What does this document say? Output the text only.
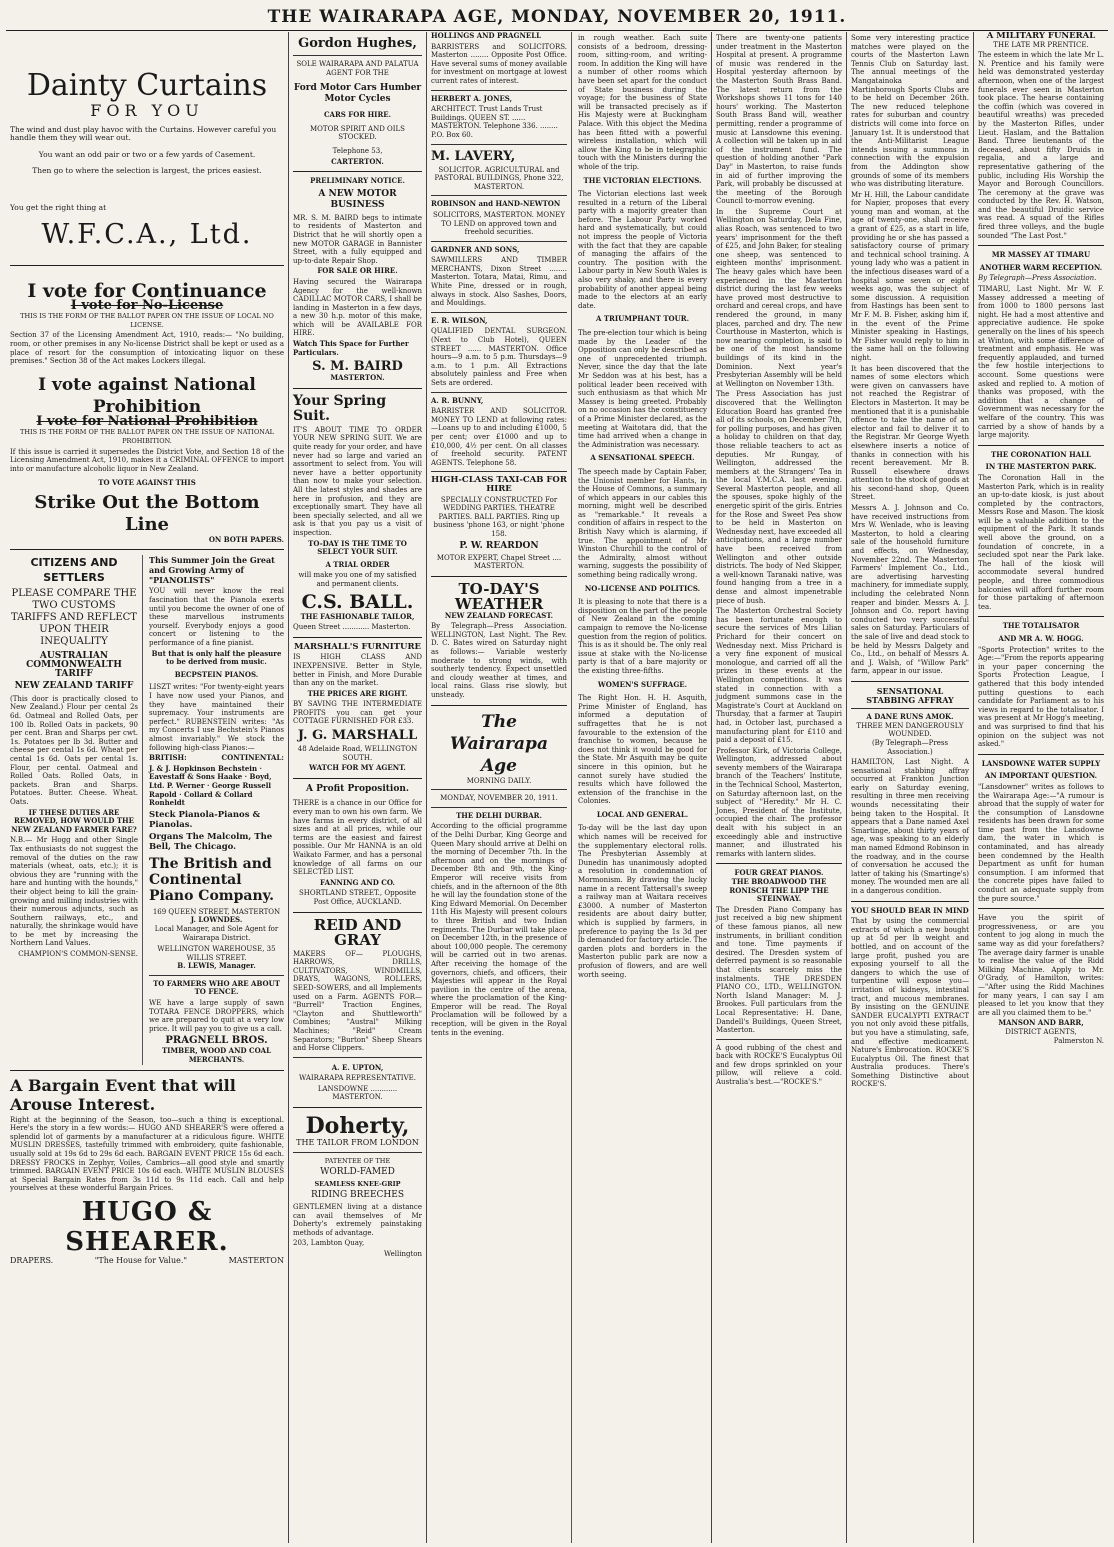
THE WAIRARAPA AGE, MONDAY, NOVEMBER 20, 1911.
Dainty Curtains
FOR YOU
The wind and dust play havoc with the Curtains. However careful you handle them they will wear out.
You want an odd pair or two or a few yards of Casement.
Then go to where the selection is largest, the prices easiest.
You get the right thing at
W.F.C.A., Ltd.
I vote for Continuance
I vote for No-License
THIS IS THE FORM OF THE BALLOT PAPER ON THE ISSUE OF LOCAL NO LICENSE.
Section 37 of the Licensing Amendment Act, 1910, reads:— "No building, room, or other premises in any No-license District shall be kept or used as a place of resort for the consumption of intoxicating liquor on these premises." Section 38 of the Act makes Lockers illegal.
I vote against National Prohibition
I vote for National Prohibition
THIS IS THE FORM OF THE BALLOT PAPER ON THE ISSUE OF NATIONAL PROHIBITION.
If this issue is carried it supersedes the District Vote, and Section 18 of the Licensing Amendment Act, 1910, makes it a CRIMINAL OFFENCE to import into or manufacture alcoholic liquor in New Zealand.
TO VOTE AGAINST THIS
Strike Out the Bottom Line
ON BOTH PAPERS.
CITIZENS AND SETTLERS
PLEASE COMPARE THE TWO CUSTOMS TARIFFS AND REFLECT UPON THEIR INEQUALITY
AUSTRALIAN COMMONWEALTH TARIFF
NEW ZEALAND TARIFF
(This door is practically closed to New Zealand.) Flour per cental 2s 6d. Oatmeal and Rolled Oats, per 100 lb. Rolled Oats in packets, 90 per cent. Bran and Sharps per cwt. 1s. Potatoes per lb 3d. Butter and cheese per cental 1s 6d. Wheat per cental 1s 6d. Oats per cental 1s. Flour, per cental. Oatmeal and Rolled Oats. Rolled Oats, in packets. Bran and Sharps. Potatoes. Butter. Cheese. Wheat. Oats.
IF THESE DUTIES ARE REMOVED, HOW WOULD THE NEW ZEALAND FARMER FARE?
N.B.— Mr Hogg and other Single Tax enthusiasts do not suggest the removal of the duties on the raw materials (wheat, oats, etc.); it is obvious they are "running with the hare and hunting with the hounds," their object being to kill the grain-growing and milling industries with their numerous adjuncts, such as Southern railways, etc., and naturally, the shrinkage would have to be met by increasing the Northern Land Values.
CHAMPION'S COMMON-SENSE.
This Summer Join the Great and Growing Army of "PIANOLISTS"
YOU will never know the real fascination that the Pianola exerts until you become the owner of one of these marvellous instruments yourself. Everybody enjoys a good concert or listening to the performance of a fine pianist.
But that is only half the pleasure to be derived from music.
BECPSTEIN PIANOS.
LISZT writes: "For twenty-eight years I have now used your Pianos, and they have maintained their supremacy. Your instruments are perfect." RUBENSTEIN writes: "As my Concerts I use Bechstein's Pianos almost invariably." We stock the following high-class Pianos:—
BRITISH:	CONTINENTAL:
J. & J. Hopkinson Bechstein · Eavestaff & Sons Haake · Boyd, Ltd. P. Werner · George Russell Rapold · Collard & Collard Ronheldt
Steck Pianola-Pianos & Pianolas.
Organs The Malcolm, The Bell, The Chicago.
The British and Continental Piano Company.
169 QUEEN STREET, MASTERTON
J. LOWNDES.
Local Manager, and Sole Agent for Wairarapa District.
WELLINGTON WAREHOUSE, 35 WILLIS STREET.
B. LEWIS, Manager.
TO FARMERS WHO ARE ABOUT TO FENCE.
WE have a large supply of sawn TOTARA FENCE DROPPERS, which we are prepared to quit at a very low price. It will pay you to give us a call.
PRAGNELL BROS.
TIMBER, WOOD AND COAL MERCHANTS.
A Bargain Event that will Arouse Interest.
Right at the beginning of the Season, too—such a thing is exceptional. Here's the story in a few words:— HUGO AND SHEARER'S were offered a splendid lot of garments by a manufacturer at a ridiculous figure. WHITE MUSLIN DRESSES, tastefully trimmed with embroidery, quite fashionable, usually sold at 19s 6d to 29s 6d each. BARGAIN EVENT PRICE 15s 6d each. DRESSY FROCKS in Zephyr, Voiles, Cambrics—all good style and smartly trimmed. BARGAIN EVENT PRICE 10s 6d each. WHITE MUSLIN BLOUSES at Special Bargain Rates from 3s 11d to 9s 11d each. Call and help yourselves at these wonderful Bargain Prices.
HUGO & SHEARER.
DRAPERS.	"The House for Value."	MASTERTON
Gordon Hughes,
SOLE WAIRARAPA AND PALATUA AGENT FOR THE
Ford Motor Cars Humber Motor Cycles
CARS FOR HIRE.
MOTOR SPIRIT AND OILS STOCKED.
Telephone 53,
CARTERTON.
PRELIMINARY NOTICE.
A NEW MOTOR BUSINESS
MR. S. M. BAIRD begs to intimate to residents of Masterton and District that he will shortly open a new MOTOR GARAGE in Bannister Street, with a fully equipped and up-to-date Repair Shop.
FOR SALE OR HIRE.
Having secured the Wairarapa Agency for the well-known CADILLAC MOTOR CARS, I shall be landing in Masterton in a few days, a new 30 h.p. motor of this make, which will be AVAILABLE FOR HIRE.
Watch This Space for Further Particulars.
S. M. BAIRD
MASTERTON.
Your Spring Suit.
IT'S ABOUT TIME TO ORDER YOUR NEW SPRING SUIT. We are quite ready for your order, and have never had so large and varied an assortment to select from. You will never have a better opportunity than now to make your selection. All the latest styles and shades are here in profusion, and they are exceptionally smart. They have all been specially selected, and all we ask is that you pay us a visit of inspection.
TO-DAY IS THE TIME TO SELECT YOUR SUIT.
A TRIAL ORDER
will make you one of my satisfied and permanent clients.
C.S. BALL.
THE FASHIONABLE TAILOR,
Queen Street ............ Masterton.
MARSHALL'S FURNITURE
IS HIGH CLASS AND INEXPENSIVE. Better in Style, better in Finish, and More Durable than any on the market.
THE PRICES ARE RIGHT.
BY SAVING THE INTERMEDIATE PROFITS you can get your COTTAGE FURNISHED FOR £33.
J. G. MARSHALL
48 Adelaide Road, WELLINGTON SOUTH.
WATCH FOR MY AGENT.
A Profit Proposition.
THERE is a chance in our Office for every man to own his own farm. We have farms in every district, of all sizes and at all prices, while our terms are the easiest and fairest possible. Our Mr HANNA is an old Waikato Farmer, and has a personal knowledge of all farms on our SELECTED LIST.
FANNING AND CO.
SHORTLAND STREET., Opposite Post Office, AUCKLAND.
REID AND GRAY
MAKERS OF— PLOUGHS, HARROWS, DRILLS, CULTIVATORS, WINDMILLS, DRAYS, WAGONS, ROLLERS, SEED-SOWERS, and all Implements used on a Farm. AGENTS FOR— "Burrell" Traction Engines, "Clayton and Shuttleworth" Combines; "Austral" Milking Machines; "Reid" Cream Separators; "Burton" Sheep Shears and Horse Clippers.
A. E. UPTON,
WAIRARAPA REPRESENTATIVE.
LANSDOWNE ............ MASTERTON.
Doherty,
THE TAILOR FROM LONDON
PATENTEE OF THE
WORLD-FAMED
SEAMLESS KNEE-GRIP
RIDING BREECHES
GENTLEMEN living at a distance can avail themselves of Mr Doherty's extremely painstaking methods of advantage.
203, Lambton Quay,
Wellington
HOLLINGS AND PRAGNELL
BARRISTERS and SOLICITORS. Masterton ........ Opposite Post Office. Have several sums of money available for investment on mortgage at lowest current rates of interest.
HERBERT A. JONES,
ARCHITECT. Trust Lands Trust Buildings. QUEEN ST. ...... MASTERTON. Telephone 336. ........ P.O. Box 60.
M. LAVERY,
SOLICITOR. AGRICULTURAL and PASTORAL BUILDINGS, Phone 322, MASTERTON.
ROBINSON and HAND-NEWTON
SOLICITORS, MASTERTON. MONEY TO LEND on approved town and freehold securities.
GARDNER AND SONS,
SAWMILLERS AND TIMBER MERCHANTS, Dixon Street ........ Masterton. Totara, Matai, Rimu, and White Pine, dressed or in rough, always in stock. Also Sashes, Doors, and Mouldings.
E. R. WILSON,
QUALIFIED DENTAL SURGEON. (Next to Club Hotel), QUEEN STREET ...... MASTERTON. Office hours—9 a.m. to 5 p.m. Thursdays—9 a.m. to 1 p.m. All Extractions absolutely painless and Free when Sets are ordered.
A. R. BUNNY,
BARRISTER AND SOLICITOR. MONEY TO LEND at following rates:—Loans up to and including £1000, 5 per cent; over £1000 and up to £10,000, 4½ per cent. On all classes of freehold security. PATENT AGENTS. Telephone 58.
HIGH-CLASS TAXI-CAB FOR HIRE
SPECIALLY CONSTRUCTED For WEDDING PARTIES. THEATRE PARTIES. BALL PARTIES. Ring up business 'phone 163, or night 'phone 158.
P. W. REARDON
MOTOR EXPERT, Chapel Street .... MASTERTON.
TO-DAY'S WEATHER
NEW ZEALAND FORECAST.
By Telegraph—Press Association. WELLINGTON, Last Night. The Rev. D. C. Bates wired on Saturday night as follows:— Variable westerly moderate to strong winds, with southerly tendency. Expect unsettled and cloudy weather at times, and local rains. Glass rise slowly, but unsteady.
The Wairarapa Age
MORNING DAILY.
MONDAY, NOVEMBER 20, 1911.
THE DELHI DURBAR.
According to the official programme of the Delhi Durbar, King George and Queen Mary should arrive at Delhi on the morning of December 7th. In the afternoon and on the mornings of December 8th and 9th, the King-Emperor will receive visits from chiefs, and in the afternoon of the 8th he will lay the foundation stone of the King Edward Memorial. On December 11th His Majesty will present colours to three British and two Indian regiments. The Durbar will take place on December 12th, in the presence of about 100,000 people. The ceremony will be carried out in two arenas. After receiving the homage of the governors, chiefs, and officers, their Majesties will appear in the Royal pavilion in the centre of the arena, where the proclamation of the King-Emperor will be read. The Royal Proclamation will be followed by a reception, will be given in the Royal tents in the evening.
in rough weather. Each suite consists of a bedroom, dressing-room, sitting-room, and writing-room. In addition the King will have a number of other rooms which have been set apart for the conduct of State business during the voyage; for the business of State will be transacted precisely as if His Majesty were at Buckingham Palace. With this object the Medina has been fitted with a powerful wireless installation, which will allow the King to be in telegraphic touch with the Ministers during the whole of the trip.
THE VICTORIAN ELECTIONS.
The Victorian elections last week resulted in a return of the Liberal party with a majority greater than before. The Labour Party worked hard and systematically, but could not impress the people of Victoria with the fact that they are capable of managing the affairs of the country. The position with the Labour party in New South Wales is also very shaky, and there is every probability of another appeal being made to the electors at an early date.
A TRIUMPHANT TOUR.
The pre-election tour which is being made by the Leader of the Opposition can only be described as one of unprecedented triumph. Never, since the day that the late Mr Seddon was at his best, has a political leader been received with such enthusiasm as that which Mr Massey is being greeted. Probably on no occasion has the constituency of a Prime Minister declared, as the meeting at Waitotara did, that the time had arrived when a change in the Administration was necessary.
A SENSATIONAL SPEECH.
The speech made by Captain Faber, the Unionist member for Hants, in the House of Commons, a summary of which appears in our cables this morning, might well be described as "remarkable." It reveals a condition of affairs in respect to the British Navy which is alarming, if true. The appointment of Mr Winston Churchill to the control of the Admiralty, almost without warning, suggests the possibility of something being radically wrong.
NO-LICENSE AND POLITICS.
It is pleasing to note that there is a disposition on the part of the people of New Zealand in the coming campaign to remove the No-license question from the region of politics. This is as it should be. The only real issue at stake with the No-license party is that of a bare majority or the existing three-fifths.
WOMEN'S SUFFRAGE.
The Right Hon. H. H. Asquith, Prime Minister of England, has informed a deputation of suffragettes that he is not favourable to the extension of the franchise to women, because he does not think it would be good for the State. Mr Asquith may be quite sincere in this opinion, but he cannot surely have studied the results which have followed the extension of the franchise in the Colonies.
LOCAL AND GENERAL.
To-day will be the last day upon which names will be received for the supplementary electoral rolls. The Presbyterian Assembly at Dunedin has unanimously adopted a resolution in condemnation of Mormonism. By drawing the lucky name in a recent Tattersall's sweep a railway man at Waitara receives £3000. A number of Masterton residents are about dairy butter, which is supplied by farmers, in preference to paying the 1s 3d per lb demanded for factory article. The garden plots and borders in the Masterton public park are now a profusion of flowers, and are well worth seeing.
There are twenty-one patients under treatment in the Masterton Hospital at present. A programme of music was rendered in the Hospital yesterday afternoon by the Masterton South Brass Band. The latest return from the Workshops shows 11 tons for 140 hours' working. The Masterton South Brass Band will, weather permitting, render a programme of music at Lansdowne this evening. A collection will be taken up in aid of the instrument fund. The question of holding another "Park Day" in Masterton, to raise funds in aid of further improving the Park, will probably be discussed at the meeting of the Borough Council to-morrow evening.
In the Supreme Court at Wellington on Saturday, Dela Fine, alias Roach, was sentenced to two years' imprisonment for the theft of £25, and John Baker, for stealing one sheep, was sentenced to eighteen months' imprisonment. The heavy gales which have been experienced in the Masterton district during the last few weeks have proved most destructive to orchard and cereal crops, and have rendered the ground, in many places, parched and dry. The new Courthouse in Masterton, which is now nearing completion, is said to be one of the most handsome buildings of its kind in the Dominion. Next year's Presbyterian Assembly will be held at Wellington on November 13th.
The Press Association has just discovered that the Wellington Education Board has granted free all of its schools, on December 7th, for polling purposes, and has given a holiday to children on that day, those reliable teachers to act as deputies. Mr Rungay, of Wellington, addressed the members at the Strangers' Tea in the local Y.M.C.A. last evening. Several Masterton people, and all the spouses, spoke highly of the energetic spirit of the girls. Entries for the Rose and Sweet Pea show to be held in Masterton on Wednesday next, have exceeded all anticipations, and a large number have been received from Wellington and other outside districts. The body of Ned Skipper, a well-known Taranaki native, was found hanging from a tree in a dense and almost impenetrable piece of bush.
The Masterton Orchestral Society has been fortunate enough to secure the services of Mrs Lilian Prichard for their concert on Wednesday next. Miss Prichard is a very fine exponent of musical monologue, and carried off all the prizes in these events at the Wellington competitions. It was stated in connection with a judgment summons case in the Magistrate's Court at Auckland on Thursday, that a farmer at Taupiri had, in October last, purchased a manufacturing plant for £110 and paid a deposit of £15.
Professor Kirk, of Victoria College, Wellington, addressed about seventy members of the Wairarapa branch of the Teachers' Institute, in the Technical School, Masterton, on Saturday afternoon last, on the subject of "Heredity." Mr H. C. Jones, President of the Institute, occupied the chair. The professor dealt with his subject in an exceedingly able and instructive manner, and illustrated his remarks with lantern slides.
FOUR GREAT PIANOS.
THE BROADWOOD THE RONISCH THE LIPP THE STEINWAY.
The Dresden Piano Company has just received a big new shipment of these famous pianos, all new instruments, in brilliant condition and tone. Time payments if desired. The Dresden system of deferred payment is so reasonable that clients scarcely miss the instalments. THE DRESDEN PIANO CO., LTD., WELLINGTON. North Island Manager: M. J. Brookes. Full particulars from the Local Representative: H. Dane, Dandell's Buildings, Queen Street, Masterton.
A good rubbing of the chest and back with ROCKE'S Eucalyptus Oil and few drops sprinkled on your pillow, will relieve a cold. Australia's best.—"ROCKE'S."
Some very interesting practice matches were played on the courts of the Masterton Lawn Tennis Club on Saturday last. The annual meetings of the Mangatainoka and Martinborough Sports Clubs are to be held on December 26th. The new reduced telephone rates for suburban and country districts will come into force on January 1st. It is understood that the Anti-Militarist League intends issuing a summons in connection with the expulsion from the Addington show grounds of some of its members who was distributing literature.
Mr H. Hill, the Labour candidate for Napier, proposes that every young man and woman, at the age of twenty-one, shall receive a grant of £25, as a start in life, providing he or she has passed a satisfactory course of primary and technical school training. A young lady who was a patient in the infectious diseases ward of a hospital some seven or eight weeks ago, was the subject of some discussion. A requisition from Hastings has been sent to Mr F. M. B. Fisher, asking him if, in the event of the Prime Minister speaking in Hastings, Mr Fisher would reply to him in the same hall on the following night.
It has been discovered that the names of some electors which were given on canvassers have not reached the Registrar of Electors in Masterton. It may be mentioned that it is a punishable offence to take the name of an elector and fail to deliver it to the Registrar. Mr George Wyeth elsewhere inserts a notice of thanks in connection with his recent bereavement. Mr B. Russell elsewhere draws attention to the stock of goods at his second-hand shop, Queen Street.
Messrs A. J. Johnson and Co. have received instructions from Mrs W. Wenlade, who is leaving Masterton, to hold a clearing sale of the household furniture and effects, on Wednesday, November 22nd. The Masterton Farmers' Implement Co., Ltd., are advertising harvesting machinery, for immediate supply, including the celebrated Nonn reaper and binder. Messrs A. J. Johnson and Co. report having conducted two very successful sales on Saturday. Particulars of the sale of live and dead stock to be held by Messrs Dalgety and Co., Ltd., on behalf of Messrs A. and J. Walsh, of "Willow Park" farm, appear in our issue.
SENSATIONAL STABBING AFFRAY
A DANE RUNS AMOK.
THREE MEN DANGEROUSLY WOUNDED.
(By Telegraph—Press Association.)
HAMILTON, Last Night. A sensational stabbing affray occurred at Frankton Junction early on Saturday evening, resulting in three men receiving wounds necessitating their being taken to the Hospital. It appears that a Dane named Axel Smartinge, about thirty years of age, was speaking to an elderly man named Edmond Robinson in the roadway, and in the course of conversation he accused the latter of taking his (Smartinge's) money. The wounded men are all in a dangerous condition.
YOU SHOULD BEAR IN MIND
That by using the commercial extracts of which a new bought up at 5d per lb weight and bottled, and on account of the large profit, pushed you are exposing yourself to all the dangers to which the use of turpentine will expose you—irritation of kidneys, intestinal tract, and mucous membranes. By insisting on the GENUINE SANDER EUCALYPTI EXTRACT you not only avoid these pitfalls, but you have a stimulating, safe, and effective medicament. Nature's Embrocation. ROCKE'S Eucalyptus Oil. The finest that Australia produces. There's Something Distinctive about ROCKE'S.
A MILITARY FUNERAL
THE LATE MR PRENTICE.
The esteem in which the late Mr L. N. Prentice and his family were held was demonstrated yesterday afternoon, when one of the largest funerals ever seen in Masterton took place. The hearse containing the coffin (which was covered in beautiful wreaths) was preceded by the Masterton Rifles, under Lieut. Haslam, and the Battalion Band. Three lieutenants of the deceased, about fifty Druids in regalia, and a large and representative gathering of the public, including His Worship the Mayor and Borough Councillors. The ceremony at the grave was conducted by the Rev. H. Watson, and the beautiful Druidic service was read. A squad of the Rifles fired three volleys, and the bugle sounded "The Last Post."
MR MASSEY AT TIMARU
ANOTHER WARM RECEPTION.
By Telegraph—Press Association.
TIMARU, Last Night. Mr W. F. Massey addressed a meeting of from 1000 to 1800 persons last night. He had a most attentive and appreciative audience. He spoke generally on the lines of his speech at Winton, with some difference of treatment and emphasis. He was frequently applauded, and turned the few hostile interjections to account. Some questions were asked and replied to. A motion of thanks was proposed, with the addition that a change of Government was necessary for the welfare of the country. This was carried by a show of hands by a large majority.
THE CORONATION HALL
IN THE MASTERTON PARK.
The Coronation Hall in the Masterton Park, which is in reality an up-to-date kiosk, is just about completed by the contractors, Messrs Rose and Mason. The kiosk will be a valuable addition to the equipment of the Park. It stands well above the ground, on a foundation of concrete, in a secluded spot near the Park lake. The hall of the kiosk will accommodate several hundred people, and three commodious balconies will afford further room for those partaking of afternoon tea.
THE TOTALISATOR
AND MR A. W. HOGG.
"Sports Protection" writes to the Age:—"From the reports appearing in your paper concerning the Sports Protection League, I gathered that this body intended putting questions to each candidate for Parliament as to his views in regard to the totalisator. I was present at Mr Hogg's meeting, and was surprised to find that his opinion on the subject was not asked."
LANSDOWNE WATER SUPPLY
AN IMPORTANT QUESTION.
"Lansdowner" writes as follows to the Wairarapa Age:—"A rumour is abroad that the supply of water for the consumption of Lansdowne residents has been drawn for some time past from the Lansdowne dam, the water in which is contaminated, and has already been condemned by the Health Department as unfit for human consumption. I am informed that the concrete pipes have failed to conduct an adequate supply from the pure source."
Have you the spirit of progressiveness, or are you content to jog along in much the same way as did your forefathers? The average dairy farmer is unable to realise the value of the Ridd Milking Machine. Apply to Mr. O'Grady, of Hamilton, writes:—"After using the Ridd Machines for many years, I can say I am pleased to let you know that they are all you claimed them to be."
MANSON AND BARR,
DISTRICT AGENTS,
Palmerston N.
